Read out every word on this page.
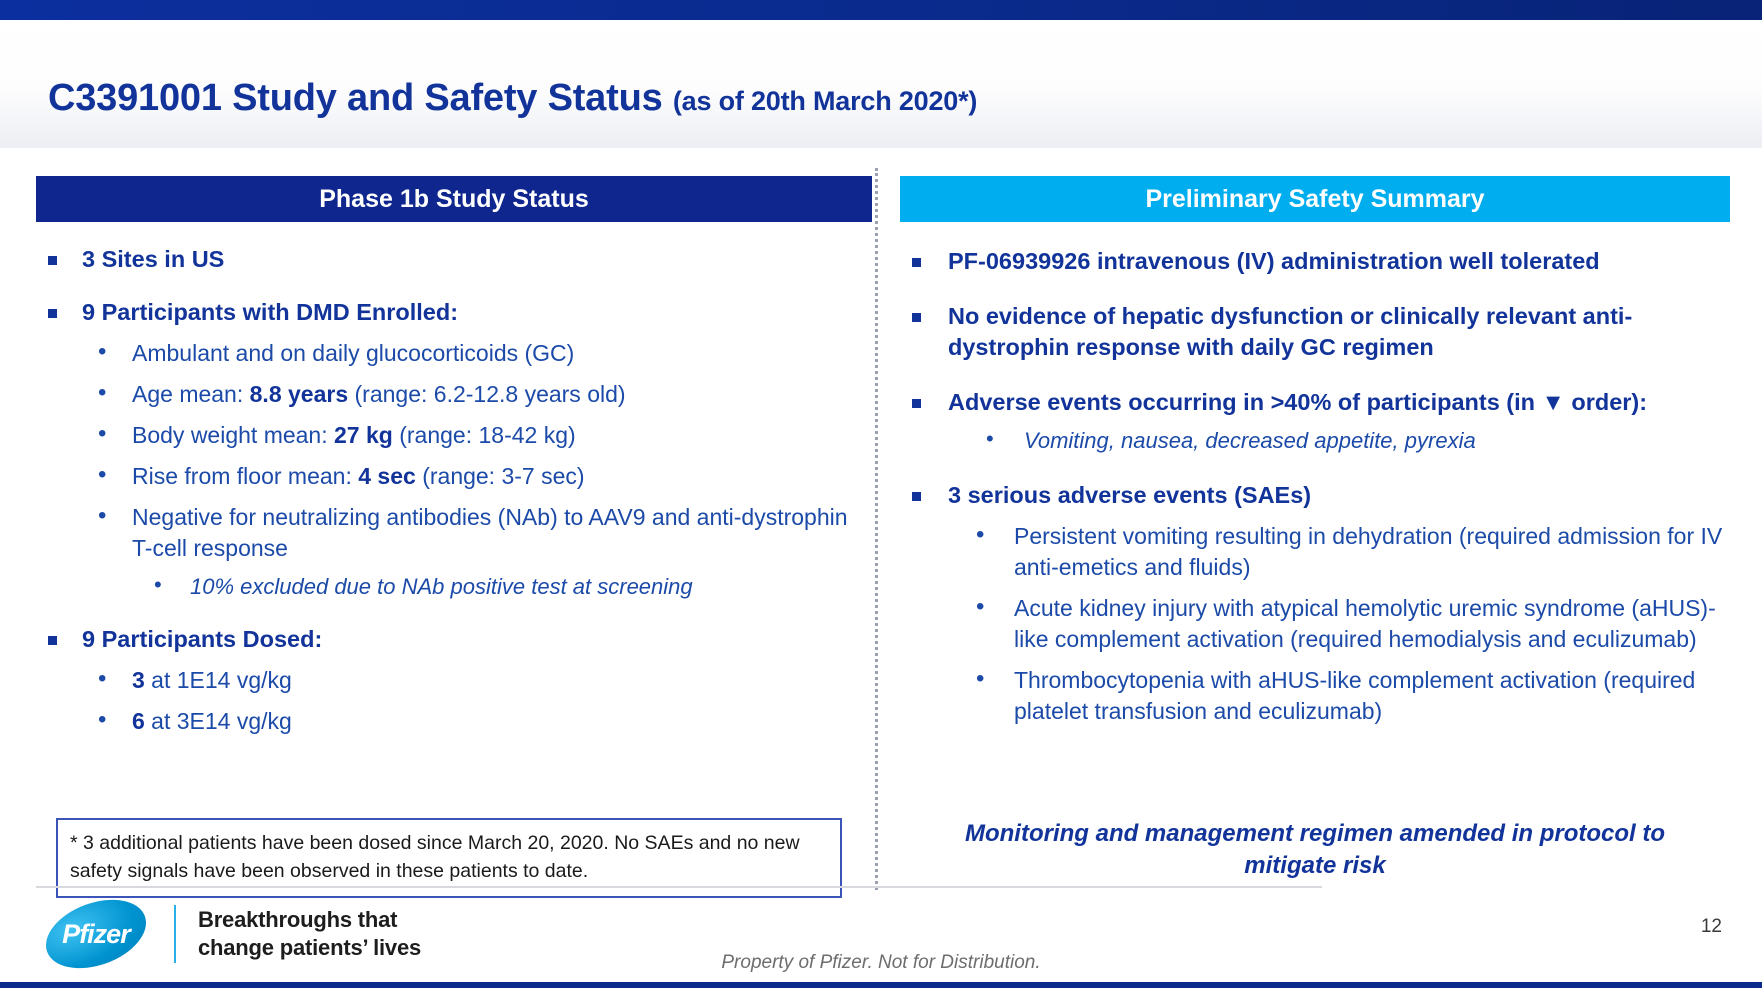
C3391001 Study and Safety Status (as of 20th March 2020*)
Phase 1b Study Status
3 Sites in US
9 Participants with DMD Enrolled:
• Ambulant and on daily glucocorticoids (GC)
• Age mean: 8.8 years (range: 6.2-12.8 years old)
• Body weight mean: 27 kg (range: 18-42 kg)
• Rise from floor mean: 4 sec (range: 3-7 sec)
• Negative for neutralizing antibodies (NAb) to AAV9 and anti-dystrophin T-cell response
• 10% excluded due to NAb positive test at screening
9 Participants Dosed:
• 3 at 1E14 vg/kg
• 6 at 3E14 vg/kg
* 3 additional patients have been dosed since March 20, 2020. No SAEs and no new safety signals have been observed in these patients to date.
Preliminary Safety Summary
PF-06939926 intravenous (IV) administration well tolerated
No evidence of hepatic dysfunction or clinically relevant anti-dystrophin response with daily GC regimen
Adverse events occurring in >40% of participants (in ▼ order):
• Vomiting, nausea, decreased appetite, pyrexia
3 serious adverse events (SAEs)
• Persistent vomiting resulting in dehydration (required admission for IV anti-emetics and fluids)
• Acute kidney injury with atypical hemolytic uremic syndrome (aHUS)-like complement activation (required hemodialysis and eculizumab)
• Thrombocytopenia with aHUS-like complement activation (required platelet transfusion and eculizumab)
Monitoring and management regimen amended in protocol to mitigate risk
Pfizer	Breakthroughs that
change patients’ lives
Property of Pfizer. Not for Distribution.
12
